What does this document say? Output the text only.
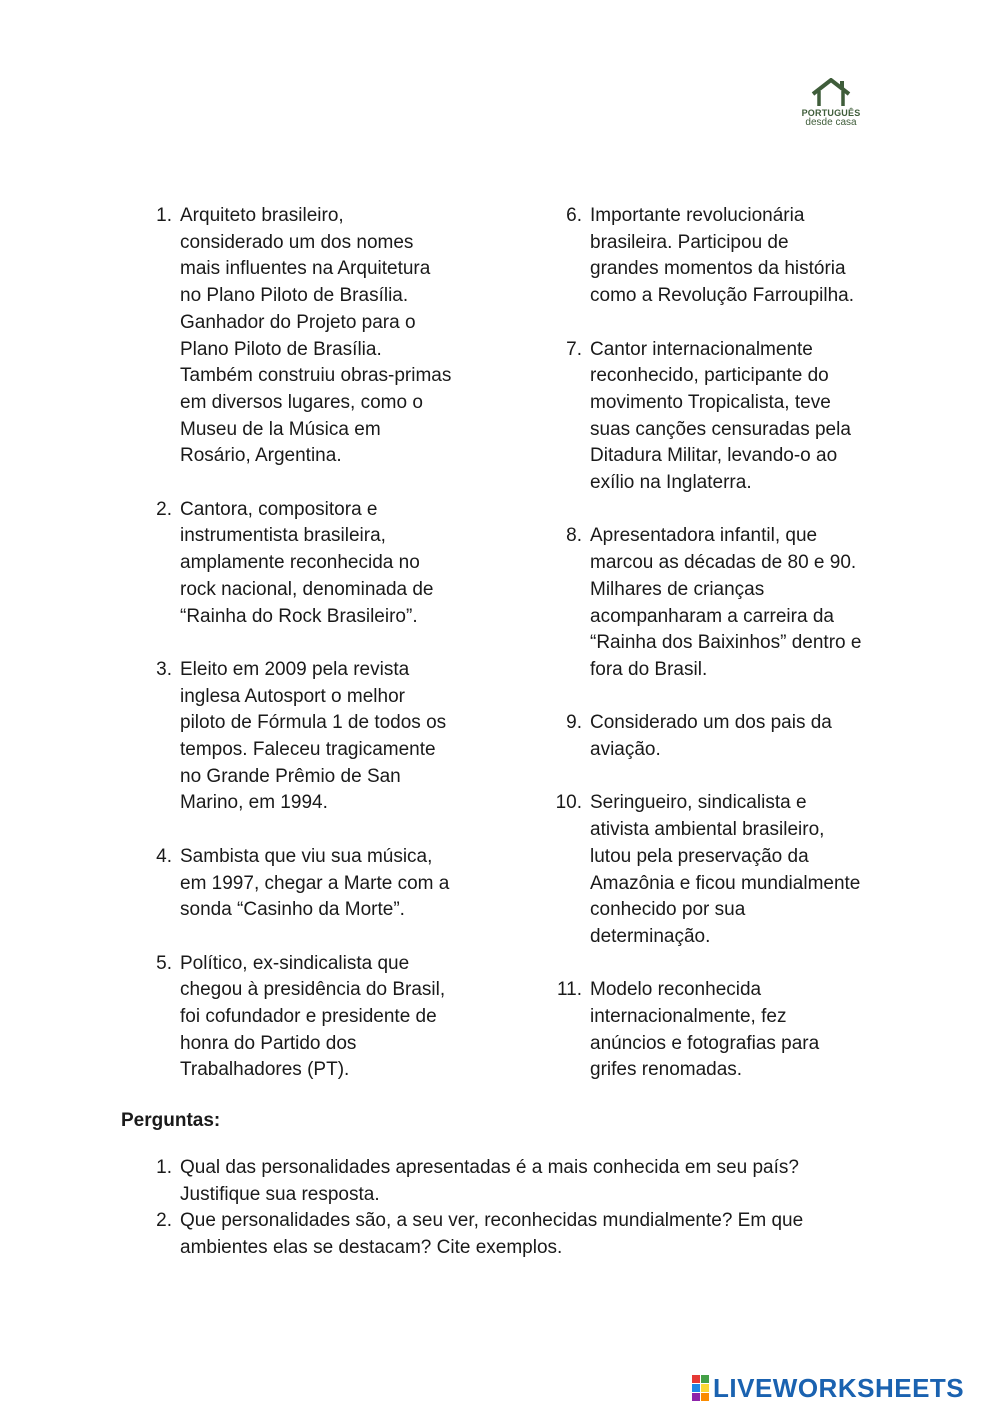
PORTUGUÊS
desde casa
1. Arquiteto brasileiro,
considerado um dos nomes
mais influentes na Arquitetura
no Plano Piloto de Brasília.
Ganhador do Projeto para o
Plano Piloto de Brasília.
Também construiu obras-primas
em diversos lugares, como o
Museu de la Música em
Rosário, Argentina.
2. Cantora, compositora e
instrumentista brasileira,
amplamente reconhecida no
rock nacional, denominada de
“Rainha do Rock Brasileiro”.
3. Eleito em 2009 pela revista
inglesa Autosport o melhor
piloto de Fórmula 1 de todos os
tempos. Faleceu tragicamente
no Grande Prêmio de San
Marino, em 1994.
4. Sambista que viu sua música,
em 1997, chegar a Marte com a
sonda “Casinho da Morte”.
5. Político, ex-sindicalista que
chegou à presidência do Brasil,
foi cofundador e presidente de
honra do Partido dos
Trabalhadores (PT).
6. Importante revolucionária
brasileira. Participou de
grandes momentos da história
como a Revolução Farroupilha.
7. Cantor internacionalmente
reconhecido, participante do
movimento Tropicalista, teve
suas canções censuradas pela
Ditadura Militar, levando-o ao
exílio na Inglaterra.
8. Apresentadora infantil, que
marcou as décadas de 80 e 90.
Milhares de crianças
acompanharam a carreira da
“Rainha dos Baixinhos” dentro e
fora do Brasil.
9. Considerado um dos pais da
aviação.
10. Seringueiro, sindicalista e
ativista ambiental brasileiro,
lutou pela preservação da
Amazônia e ficou mundialmente
conhecido por sua
determinação.
11. Modelo reconhecida
internacionalmente, fez
anúncios e fotografias para
grifes renomadas.
Perguntas:
1. Qual das personalidades apresentadas é a mais conhecida em seu país?
Justifique sua resposta.
2. Que personalidades são, a seu ver, reconhecidas mundialmente? Em que
ambientes elas se destacam? Cite exemplos.
LIVEWORKSHEETS
